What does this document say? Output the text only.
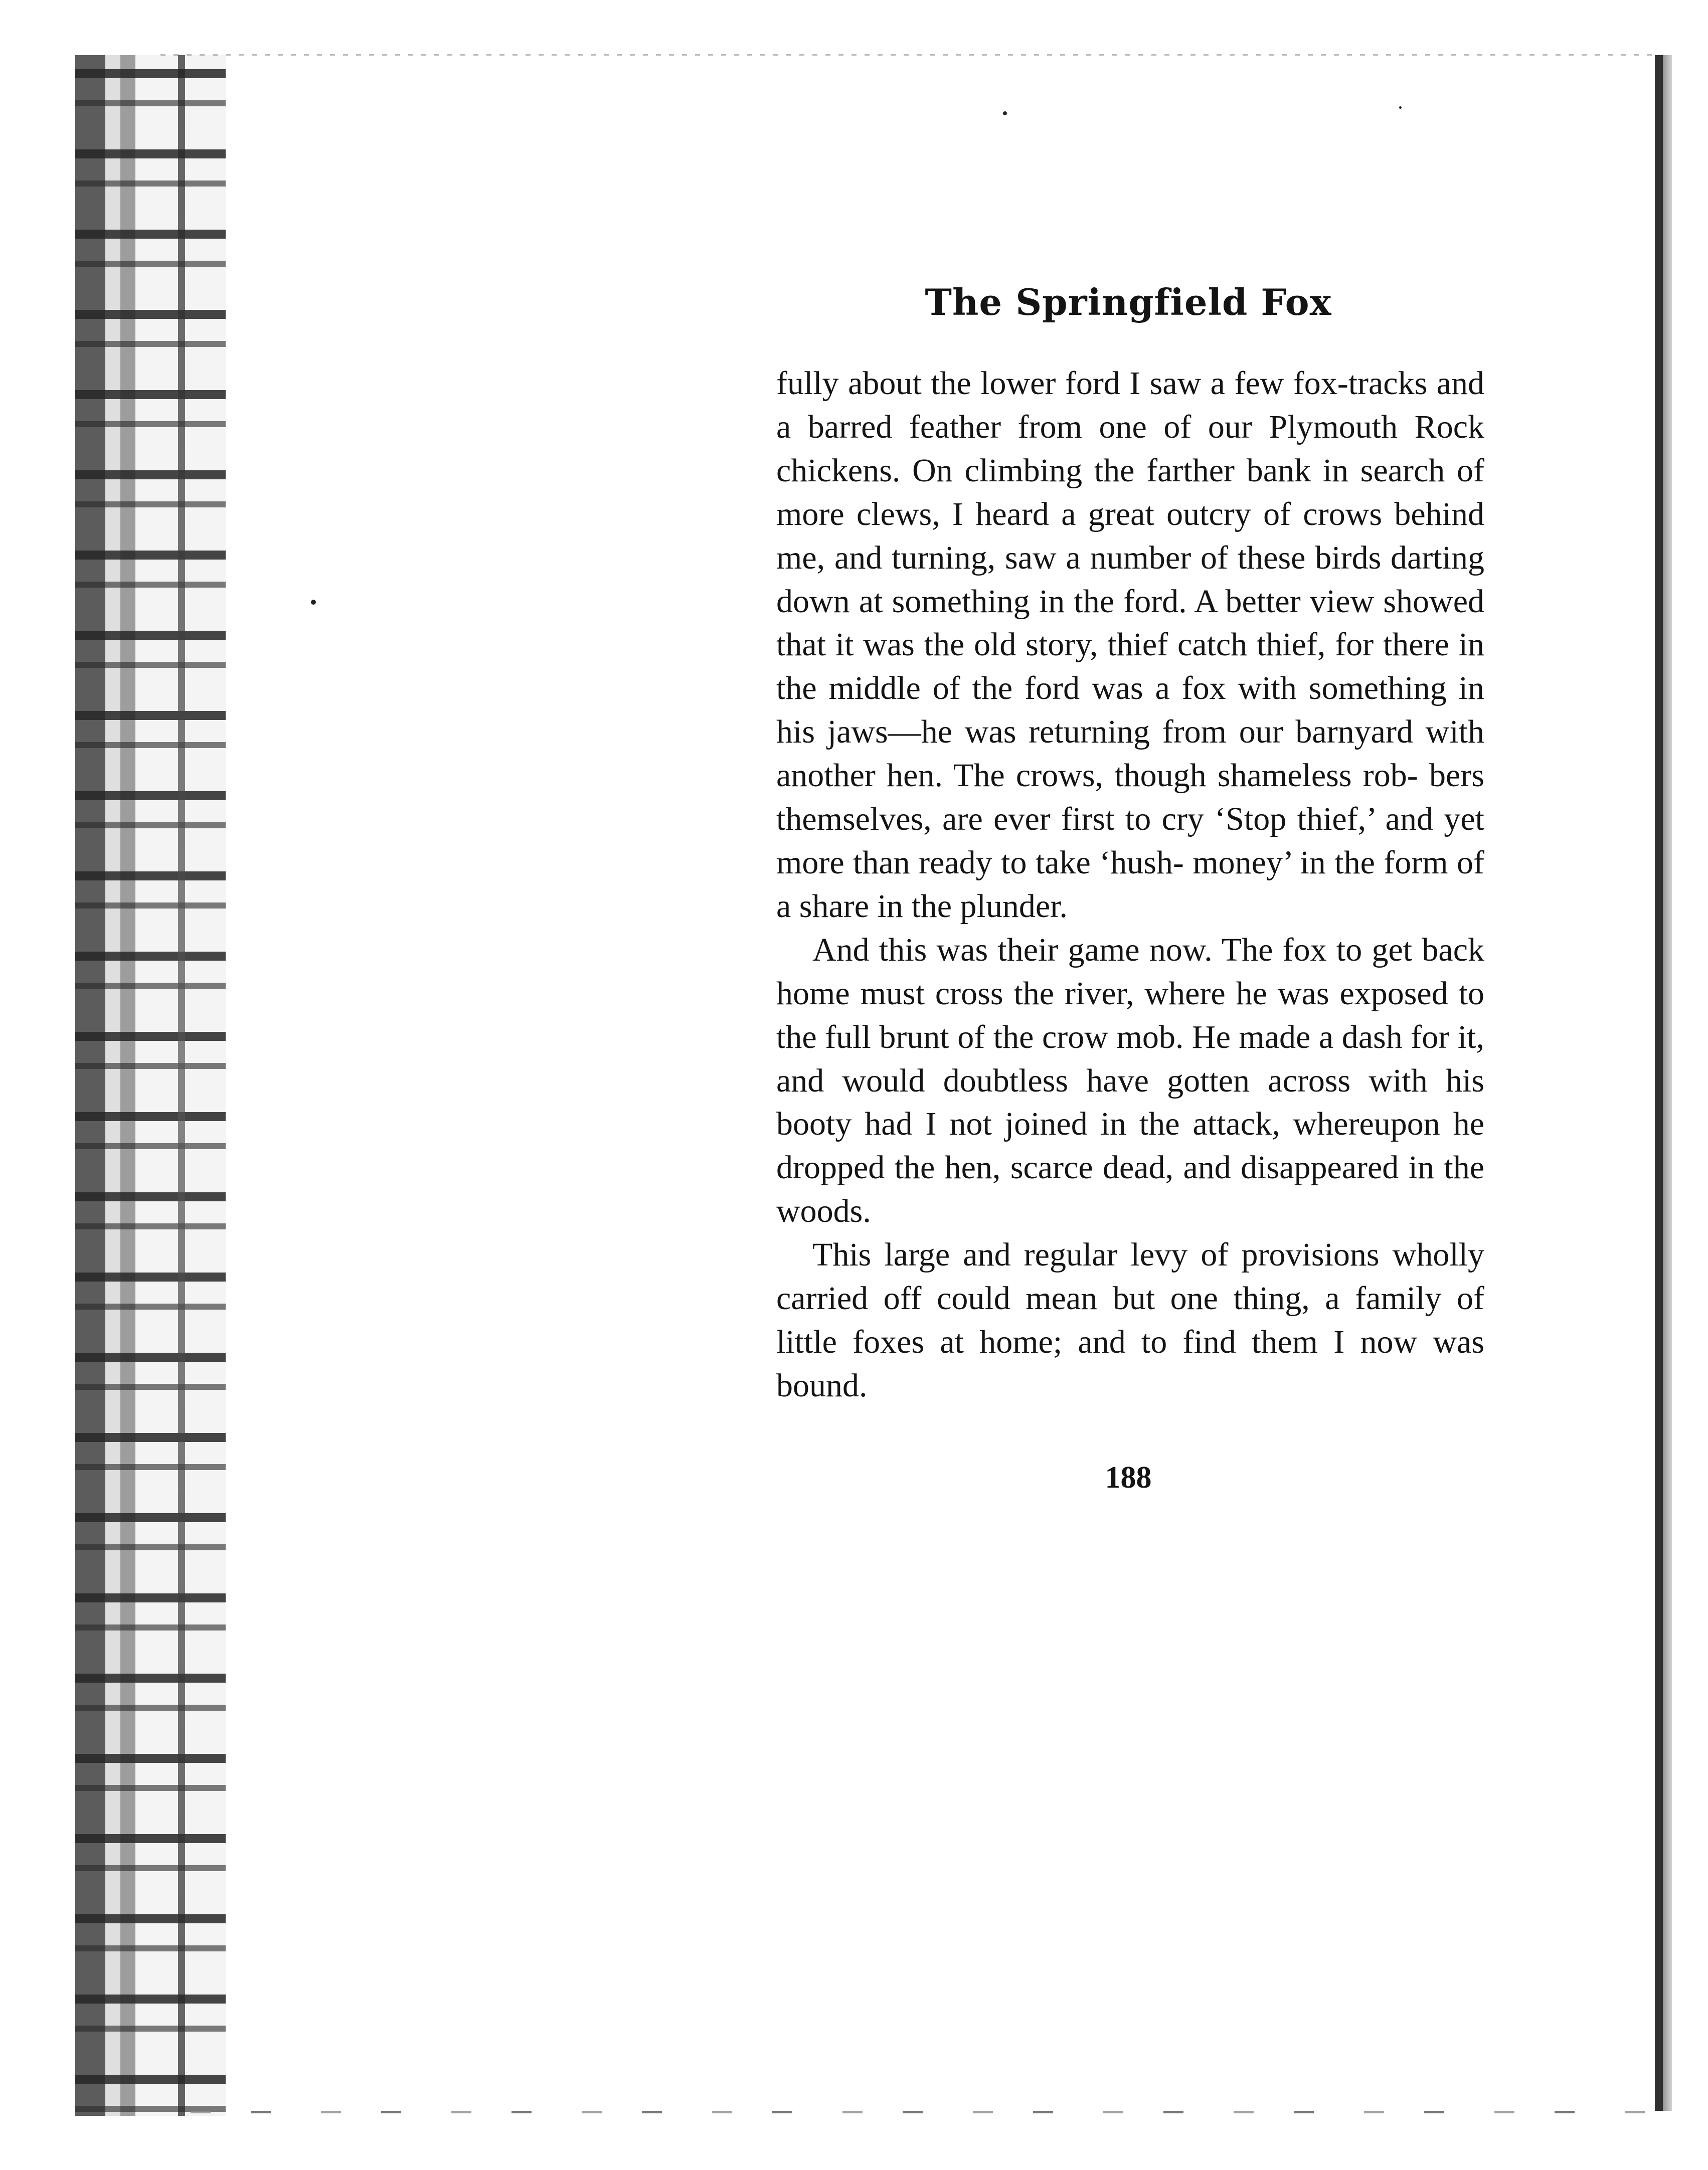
The Springfield Fox

fully about the lower ford I saw a few fox-tracks and a barred feather from one of our Plymouth Rock chickens. On climbing the farther bank in search of more clews, I heard a great outcry of crows behind me, and turning, saw a number of these birds darting down at something in the ford. A better view showed that it was the old story, thief catch thief, for there in the middle of the ford was a fox with something in his jaws—he was returning from our barnyard with another hen. The crows, though shameless rob- bers themselves, are ever first to cry ‘Stop thief,’ and yet more than ready to take ‘hush- money’ in the form of a share in the plunder.

And this was their game now. The fox to get back home must cross the river, where he was exposed to the full brunt of the crow mob. He made a dash for it, and would doubtless have gotten across with his booty had I not joined in the attack, whereupon he dropped the hen, scarce dead, and disappeared in the woods.

This large and regular levy of provisions wholly carried off could mean but one thing, a family of little foxes at home; and to find them I now was bound.

188
